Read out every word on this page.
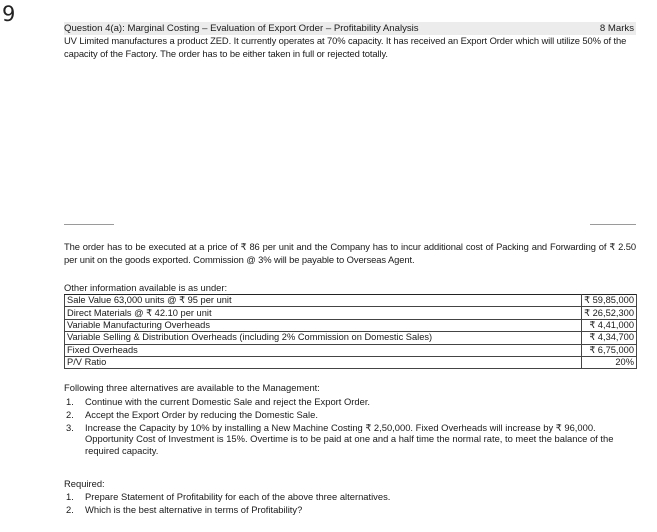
9
Question 4(a): Marginal Costing – Evaluation of Export Order – Profitability Analysis	8 Marks
UV Limited manufactures a product ZED. It currently operates at 70% capacity. It has received an Export Order which will utilize 50% of the capacity of the Factory. The order has to be either taken in full or rejected totally.
The order has to be executed at a price of ₹ 86 per unit and the Company has to incur additional cost of Packing and Forwarding of ₹ 2.50 per unit on the goods exported. Commission @ 3% will be payable to Overseas Agent.
Other information available is as under:
Sale Value 63,000 units @ ₹ 95 per unit	₹ 59,85,000
Direct Materials @ ₹ 42.10 per unit	₹ 26,52,300
Variable Manufacturing Overheads	₹ 4,41,000
Variable Selling & Distribution Overheads (including 2% Commission on Domestic Sales)	₹ 4,34,700
Fixed Overheads	₹ 6,75,000
P/V Ratio	20%
Following three alternatives are available to the Management:
1. Continue with the current Domestic Sale and reject the Export Order.
2. Accept the Export Order by reducing the Domestic Sale.
3. Increase the Capacity by 10% by installing a New Machine Costing ₹ 2,50,000. Fixed Overheads will increase by ₹ 96,000. Opportunity Cost of Investment is 15%. Overtime is to be paid at one and a half time the normal rate, to meet the balance of the required capacity.
Required:
1. Prepare Statement of Profitability for each of the above three alternatives.
2. Which is the best alternative in terms of Profitability?
